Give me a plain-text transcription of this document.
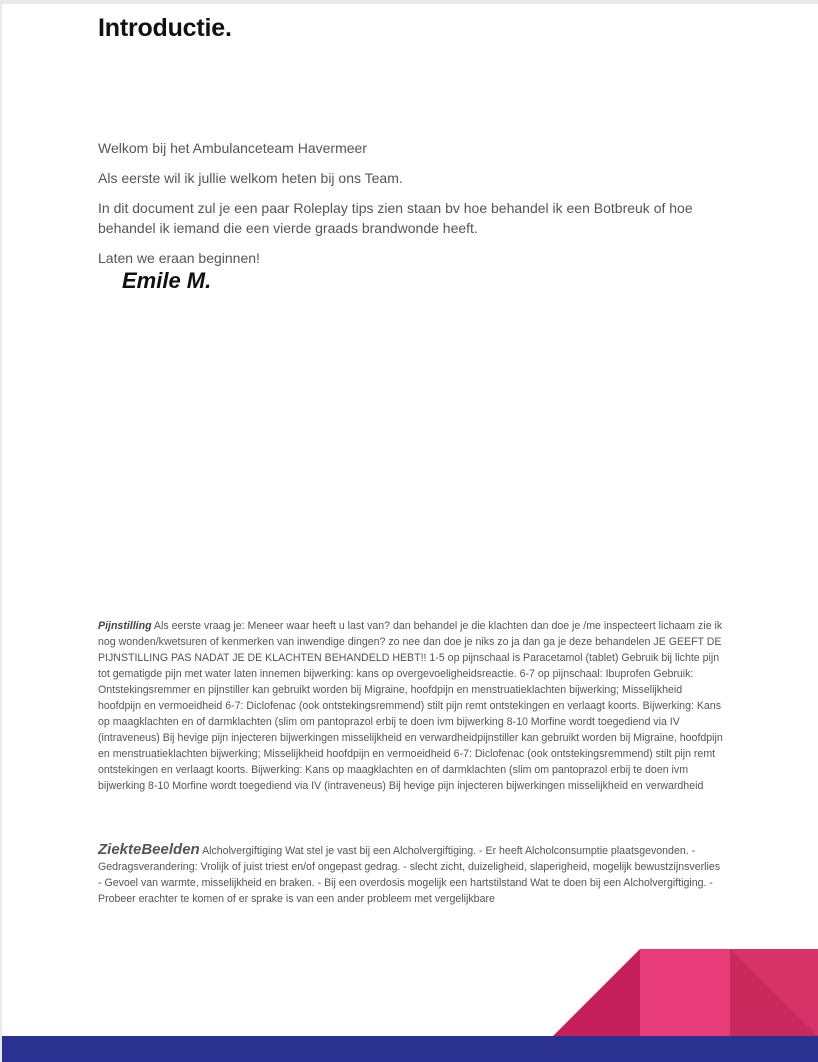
Introductie.

Welkom bij het Ambulanceteam Havermeer

Als eerste wil ik jullie welkom heten bij ons Team.

In dit document zul je een paar Roleplay tips zien staan bv hoe behandel ik een Botbreuk of hoe behandel ik iemand die een vierde graads brandwonde heeft.

Laten we eraan beginnen!

Emile M.
Pijnstilling Als eerste vraag je: Meneer waar heeft u last van? dan behandel je die klachten dan doe je /me inspecteert lichaam zie ik nog wonden/kwetsuren of kenmerken van inwendige dingen? zo nee dan doe je niks zo ja dan ga je deze behandelen JE GEEFT DE PIJNSTILLING PAS NADAT JE DE KLACHTEN BEHANDELD HEBT!! 1-5 op pijnschaal is Paracetamol (tablet) Gebruik bij lichte pijn tot gematigde pijn met water laten innemen bijwerking: kans op overgevoeligheidsreactie. 6-7 op pijnschaal: Ibuprofen Gebruik: Ontstekingsremmer en pijnstiller kan gebruikt worden bij Migraine, hoofdpijn en menstruatieklachten bijwerking; Misselijkheid hoofdpijn en vermoeidheid 6-7: Diclofenac (ook ontstekingsremmend) stilt pijn remt ontstekingen en verlaagt koorts. Bijwerking: Kans op maagklachten en of darmklachten (slim om pantoprazol erbij te doen ivm bijwerking 8-10 Morfine wordt toegediend via IV (intraveneus) Bij hevige pijn injecteren bijwerkingen misselijkheid en verwardheidpijnstiller kan gebruikt worden bij Migraine, hoofdpijn en menstruatieklachten bijwerking; Misselijkheid hoofdpijn en vermoeidheid 6-7: Diclofenac (ook ontstekingsremmend) stilt pijn remt ontstekingen en verlaagt koorts. Bijwerking: Kans op maagklachten en of darmklachten (slim om pantoprazol erbij te doen ivm bijwerking 8-10 Morfine wordt toegediend via IV (intraveneus) Bij hevige pijn injecteren bijwerkingen misselijkheid en verwardheid
ZiekteBeelden Alcholvergiftiging Wat stel je vast bij een Alcholvergiftiging. - Er heeft Alcholconsumptie plaatsgevonden. - Gedragsverandering: Vrolijk of juist triest en/of ongepast gedrag. - slecht zicht, duizeligheid, slaperigheid, mogelijk bewustzijnsverlies - Gevoel van warmte, misselijkheid en braken. - Bij een overdosis mogelijk een hartstilstand Wat te doen bij een Alcholvergiftiging. - Probeer erachter te komen of er sprake is van een ander probleem met vergelijkbare
